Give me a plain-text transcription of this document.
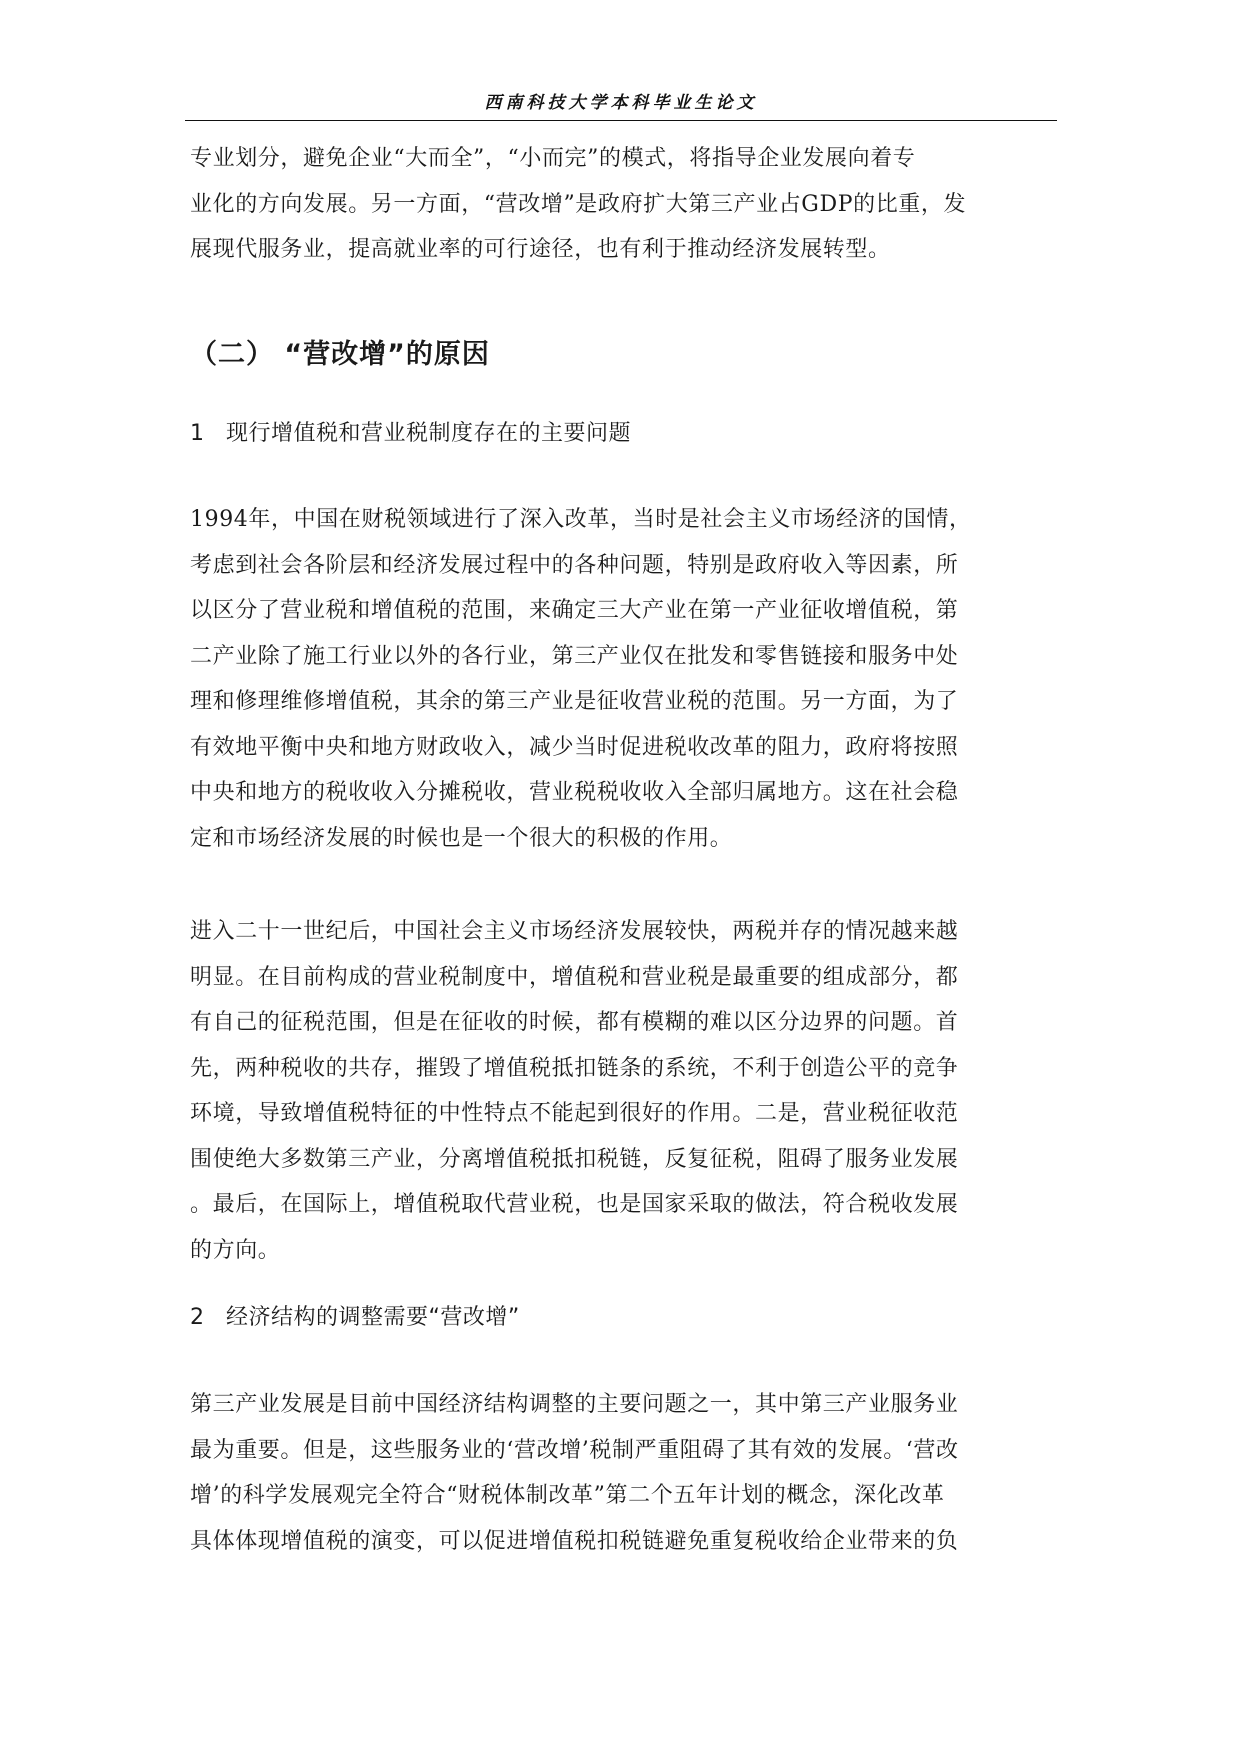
西南科技大学本科毕业生论文
专业划分，避免企业“大而全”，“小而完”的模式，将指导企业发展向着专
业化的方向发展。另一方面，“营改增”是政府扩大第三产业占GDP的比重，发
展现代服务业，提高就业率的可行途径，也有利于推动经济发展转型。
（二） “营改增”的原因
1 现行增值税和营业税制度存在的主要问题
1994年，中国在财税领域进行了深入改革，当时是社会主义市场经济的国情，
考虑到社会各阶层和经济发展过程中的各种问题，特别是政府收入等因素，所
以区分了营业税和增值税的范围，来确定三大产业在第一产业征收增值税，第
二产业除了施工行业以外的各行业，第三产业仅在批发和零售链接和服务中处
理和修理维修增值税，其余的第三产业是征收营业税的范围。另一方面，为了
有效地平衡中央和地方财政收入，减少当时促进税收改革的阻力，政府将按照
中央和地方的税收收入分摊税收，营业税税收收入全部归属地方。这在社会稳
定和市场经济发展的时候也是一个很大的积极的作用。
进入二十一世纪后，中国社会主义市场经济发展较快，两税并存的情况越来越
明显。在目前构成的营业税制度中，增值税和营业税是最重要的组成部分，都
有自己的征税范围，但是在征收的时候，都有模糊的难以区分边界的问题。首
先，两种税收的共存，摧毁了增值税抵扣链条的系统，不利于创造公平的竞争
环境，导致增值税特征的中性特点不能起到很好的作用。二是，营业税征收范
围使绝大多数第三产业，分离增值税抵扣税链，反复征税，阻碍了服务业发展
。最后，在国际上，增值税取代营业税，也是国家采取的做法，符合税收发展
的方向。
2 经济结构的调整需要“营改增”
第三产业发展是目前中国经济结构调整的主要问题之一，其中第三产业服务业
最为重要。但是，这些服务业的‘营改增’税制严重阻碍了其有效的发展。‘营改
增’的科学发展观完全符合“财税体制改革”第二个五年计划的概念，深化改革
具体体现增值税的演变，可以促进增值税扣税链避免重复税收给企业带来的负
